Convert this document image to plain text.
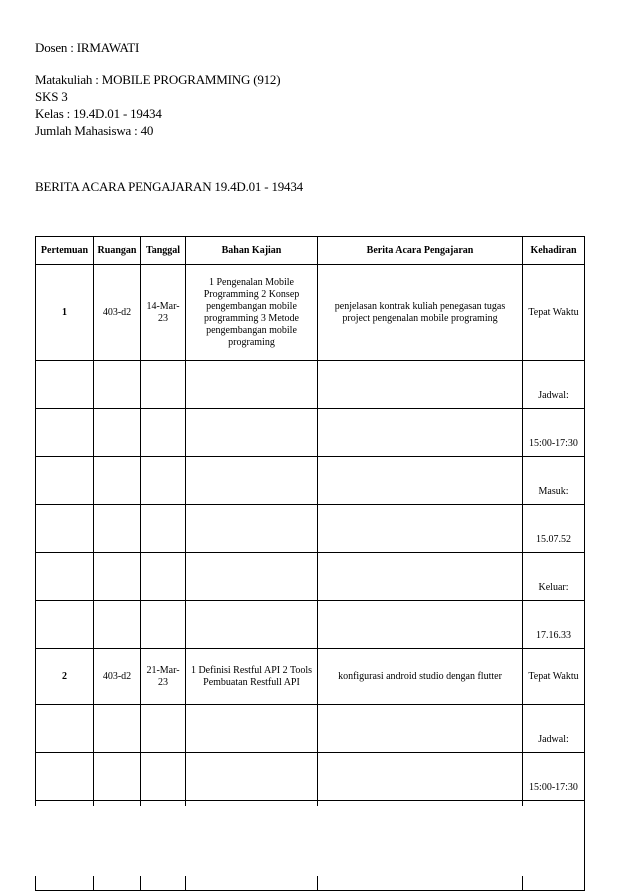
Dosen : IRMAWATI
Matakuliah : MOBILE PROGRAMMING (912)
SKS 3
Kelas : 19.4D.01 - 19434
Jumlah Mahasiswa : 40
BERITA ACARA PENGAJARAN 19.4D.01 - 19434
Pertemuan	Ruangan	Tanggal	Bahan Kajian	Berita Acara Pengajaran	Kehadiran
1	403-d2	14-Mar-23	1 Pengenalan Mobile Programming 2 Konsep pengembangan mobile programming 3 Metode pengembangan mobile programing	penjelasan kontrak kuliah penegasan tugas project pengenalan mobile programing	Tepat Waktu
					Jadwal:
					15:00-17:30
					Masuk:
					15.07.52
					Keluar:
					17.16.33
2	403-d2	21-Mar-23	1 Definisi Restful API 2 Tools Pembuatan Restfull API	konfigurasi android studio dengan flutter	Tepat Waktu
					Jadwal:
					15:00-17:30
